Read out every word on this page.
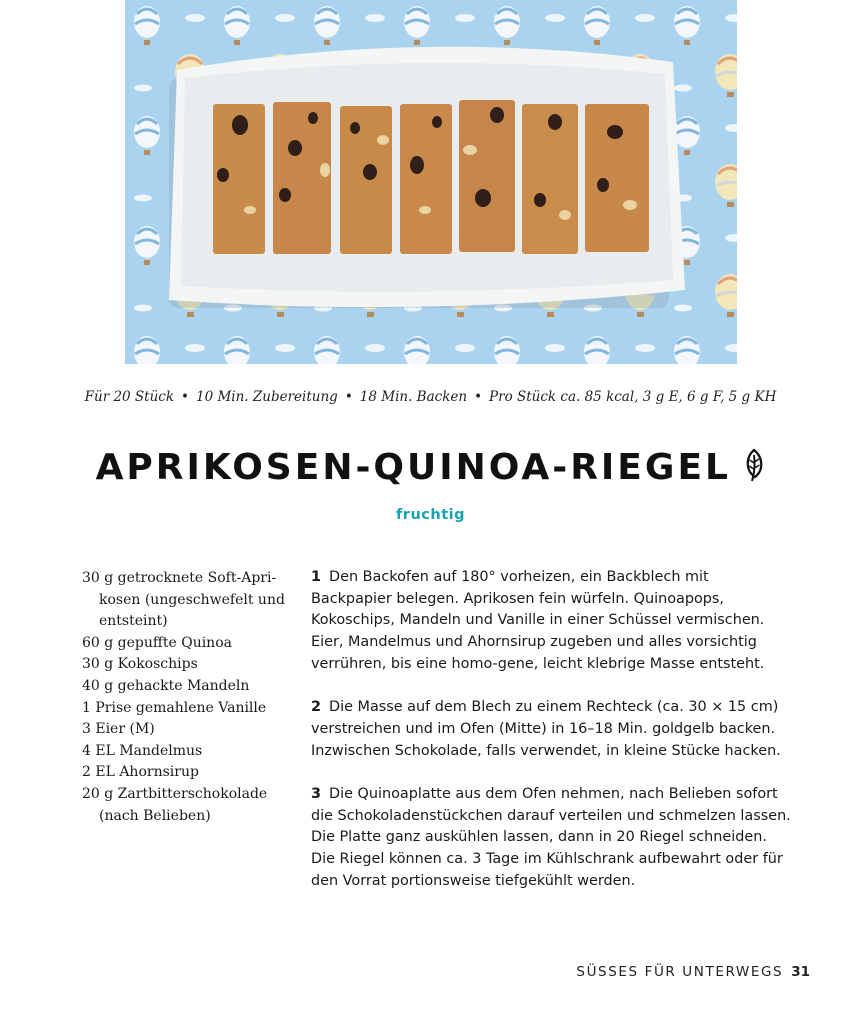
Für 20 Stück • 10 Min. Zubereitung • 18 Min. Backen • Pro Stück ca. 85 kcal, 3 g E, 6 g F, 5 g KH
APRIKOSEN-QUINOA-RIEGEL
fruchtig
30 g getrocknete Soft-Apri-kosen (ungeschwefelt und entsteint)
60 g gepuffte Quinoa
30 g Kokoschips
40 g gehackte Mandeln
1 Prise gemahlene Vanille
3 Eier (M)
4 EL Mandelmus
2 EL Ahornsirup
20 g Zartbitterschokolade (nach Belieben)

1 Den Backofen auf 180° vorheizen, ein Backblech mit Backpapier belegen. Aprikosen fein würfeln. Quinoapops, Kokoschips, Mandeln und Vanille in einer Schüssel vermischen. Eier, Mandelmus und Ahornsirup zugeben und alles vorsichtig verrühren, bis eine homo-gene, leicht klebrige Masse entsteht.

2 Die Masse auf dem Blech zu einem Rechteck (ca. 30 × 15 cm) verstreichen und im Ofen (Mitte) in 16–18 Min. goldgelb backen. Inzwischen Schokolade, falls verwendet, in kleine Stücke hacken.

3 Die Quinoaplatte aus dem Ofen nehmen, nach Belieben sofort die Schokoladenstückchen darauf verteilen und schmelzen lassen. Die Platte ganz auskühlen lassen, dann in 20 Riegel schneiden. Die Riegel können ca. 3 Tage im Kühlschrank aufbewahrt oder für den Vorrat portionsweise tiefgekühlt werden.

SÜSSES FÜR UNTERWEGS 31
